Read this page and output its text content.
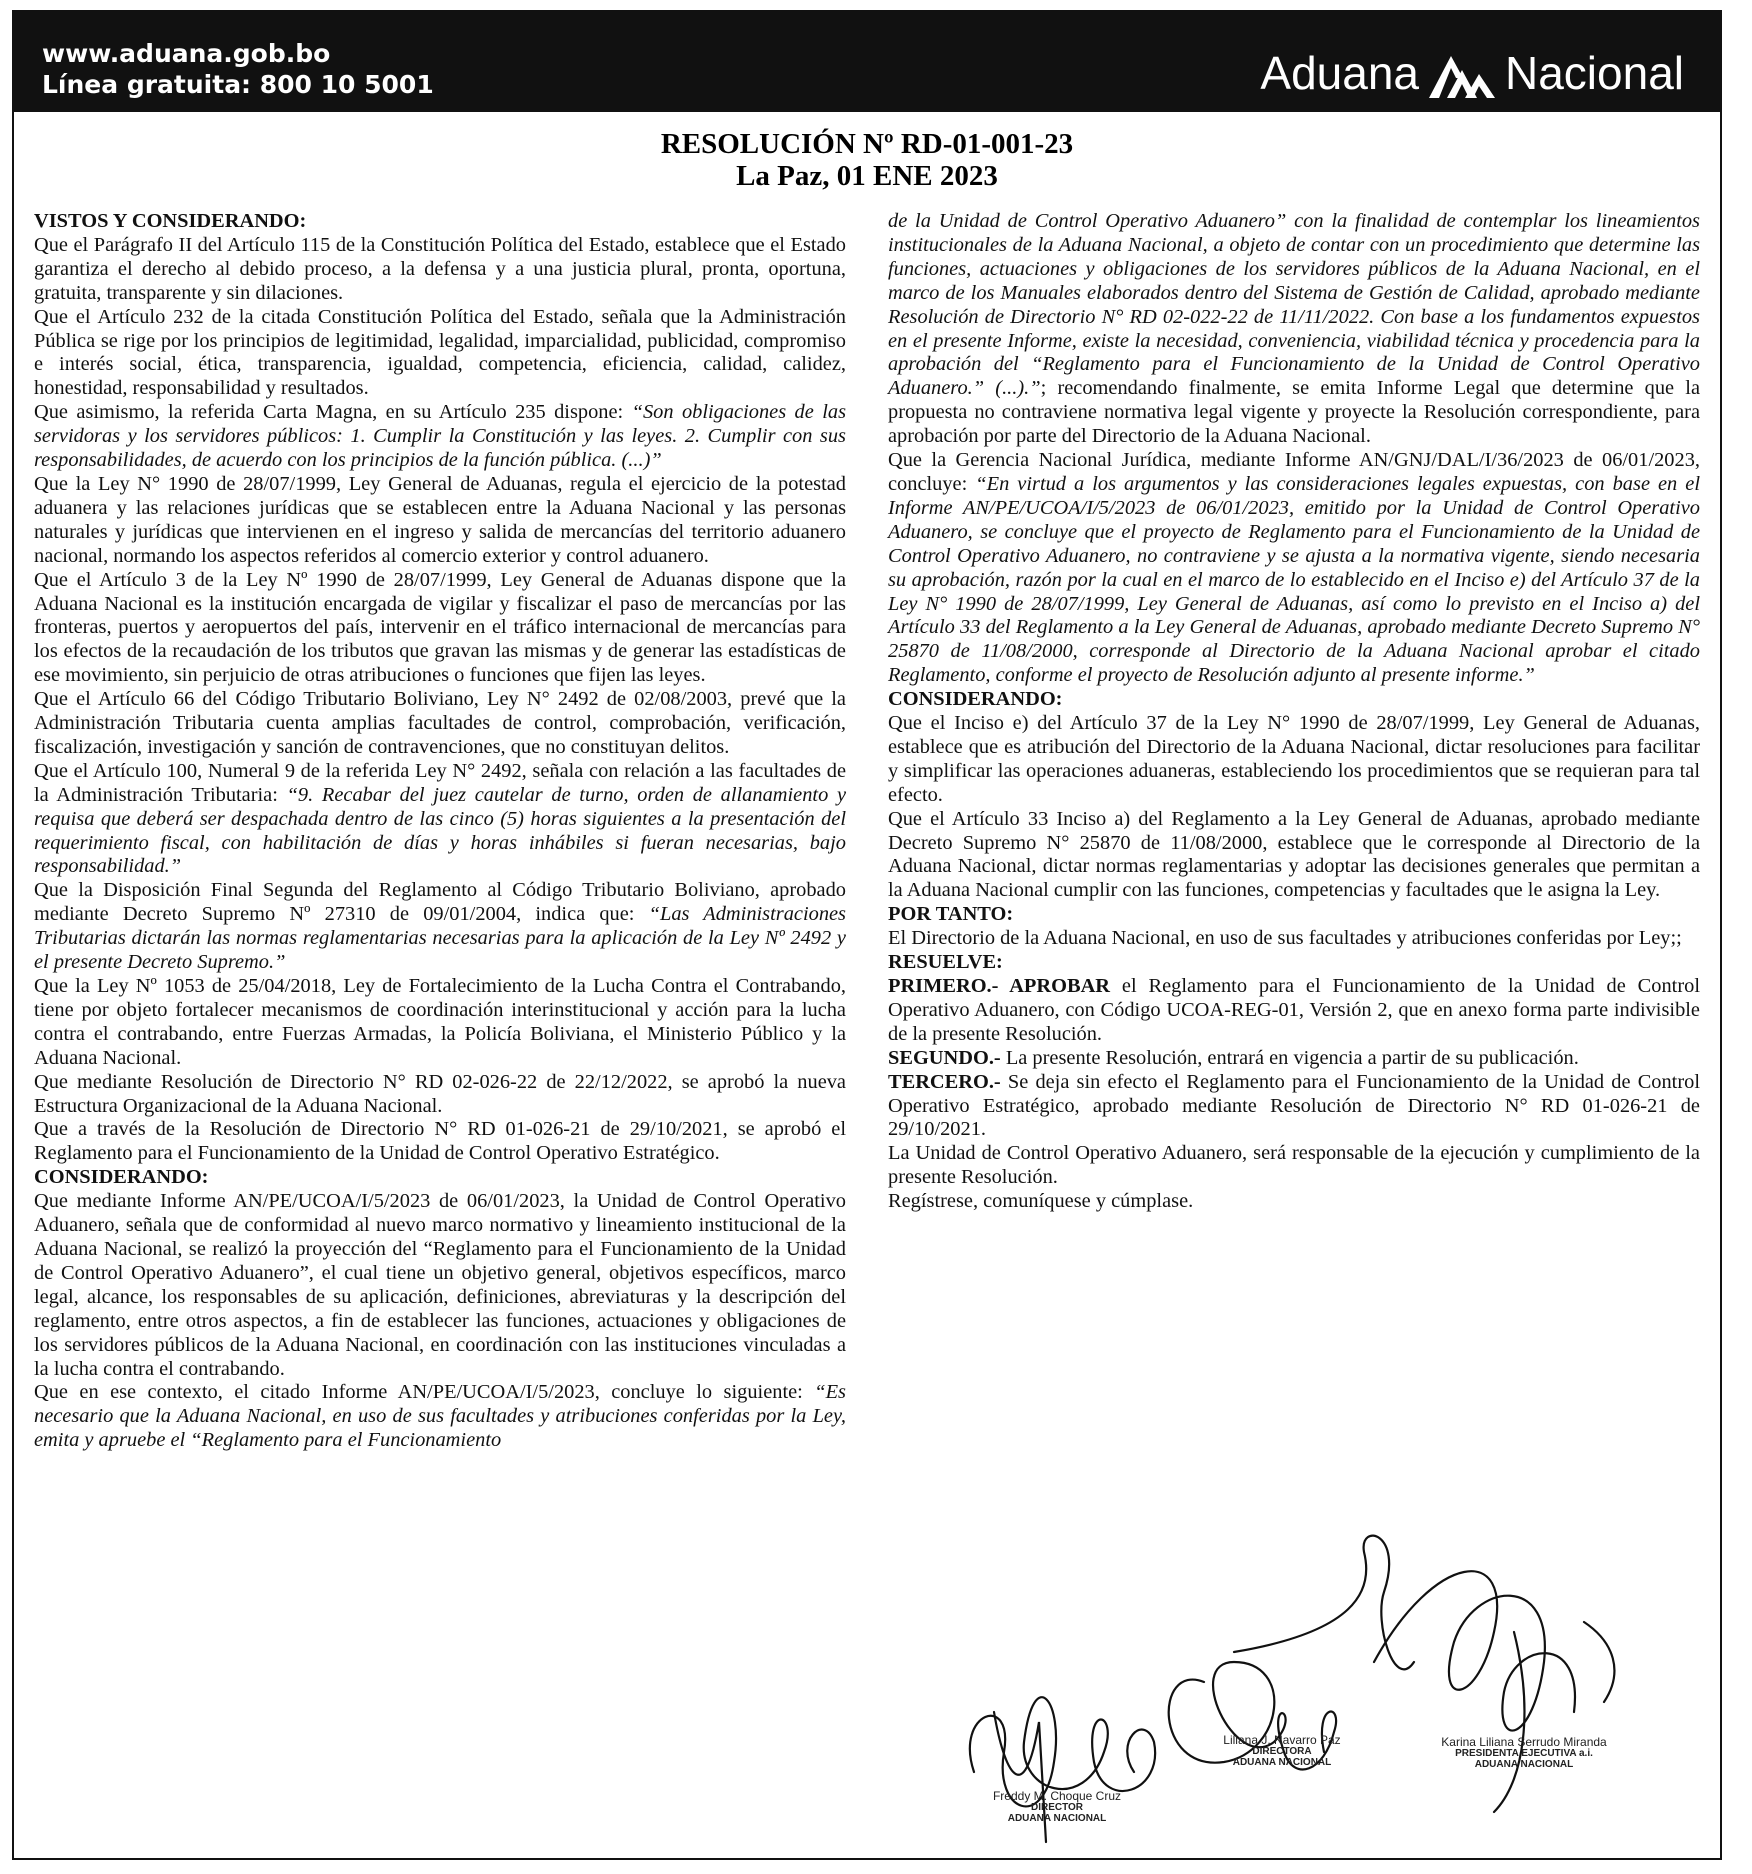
www.aduana.gob.bo
Línea gratuita: 800 10 5001	Aduana Nacional
RESOLUCIÓN Nº RD-01-001-23
La Paz, 01 ENE 2023

VISTOS Y CONSIDERANDO:

Que el Parágrafo II del Artículo 115 de la Constitución Política del Estado, establece que el Estado garantiza el derecho al debido proceso, a la defensa y a una justicia plural, pronta, oportuna, gratuita, transparente y sin dilaciones.

Que el Artículo 232 de la citada Constitución Política del Estado, señala que la Administración Pública se rige por los principios de legitimidad, legalidad, imparcialidad, publicidad, compromiso e interés social, ética, transparencia, igualdad, competencia, eficiencia, calidad, calidez, honestidad, responsabilidad y resultados.

Que asimismo, la referida Carta Magna, en su Artículo 235 dispone: “Son obligaciones de las servidoras y los servidores públicos: 1. Cumplir la Constitución y las leyes. 2. Cumplir con sus responsabilidades, de acuerdo con los principios de la función pública. (...)”

Que la Ley N° 1990 de 28/07/1999, Ley General de Aduanas, regula el ejercicio de la potestad aduanera y las relaciones jurídicas que se establecen entre la Aduana Nacional y las personas naturales y jurídicas que intervienen en el ingreso y salida de mercancías del territorio aduanero nacional, normando los aspectos referidos al comercio exterior y control aduanero.

Que el Artículo 3 de la Ley Nº 1990 de 28/07/1999, Ley General de Aduanas dispone que la Aduana Nacional es la institución encargada de vigilar y fiscalizar el paso de mercancías por las fronteras, puertos y aeropuertos del país, intervenir en el tráfico internacional de mercancías para los efectos de la recaudación de los tributos que gravan las mismas y de generar las estadísticas de ese movimiento, sin perjuicio de otras atribuciones o funciones que fijen las leyes.

Que el Artículo 66 del Código Tributario Boliviano, Ley N° 2492 de 02/08/2003, prevé que la Administración Tributaria cuenta amplias facultades de control, comprobación, verificación, fiscalización, investigación y sanción de contravenciones, que no constituyan delitos.

Que el Artículo 100, Numeral 9 de la referida Ley N° 2492, señala con relación a las facultades de la Administración Tributaria: “9. Recabar del juez cautelar de turno, orden de allanamiento y requisa que deberá ser despachada dentro de las cinco (5) horas siguientes a la presentación del requerimiento fiscal, con habilitación de días y horas inhábiles si fueran necesarias, bajo responsabilidad.”

Que la Disposición Final Segunda del Reglamento al Código Tributario Boliviano, aprobado mediante Decreto Supremo Nº 27310 de 09/01/2004, indica que: “Las Administraciones Tributarias dictarán las normas reglamentarias necesarias para la aplicación de la Ley Nº 2492 y el presente Decreto Supremo.”

Que la Ley Nº 1053 de 25/04/2018, Ley de Fortalecimiento de la Lucha Contra el Contrabando, tiene por objeto fortalecer mecanismos de coordinación interinstitucional y acción para la lucha contra el contrabando, entre Fuerzas Armadas, la Policía Boliviana, el Ministerio Público y la Aduana Nacional.

Que mediante Resolución de Directorio N° RD 02-026-22 de 22/12/2022, se aprobó la nueva Estructura Organizacional de la Aduana Nacional.

Que a través de la Resolución de Directorio N° RD 01-026-21 de 29/10/2021, se aprobó el Reglamento para el Funcionamiento de la Unidad de Control Operativo Estratégico.

CONSIDERANDO:

Que mediante Informe AN/PE/UCOA/I/5/2023 de 06/01/2023, la Unidad de Control Operativo Aduanero, señala que de conformidad al nuevo marco normativo y lineamiento institucional de la Aduana Nacional, se realizó la proyección del “Reglamento para el Funcionamiento de la Unidad de Control Operativo Aduanero”, el cual tiene un objetivo general, objetivos específicos, marco legal, alcance, los responsables de su aplicación, definiciones, abreviaturas y la descripción del reglamento, entre otros aspectos, a fin de establecer las funciones, actuaciones y obligaciones de los servidores públicos de la Aduana Nacional, en coordinación con las instituciones vinculadas a la lucha contra el contrabando.

Que en ese contexto, el citado Informe AN/PE/UCOA/I/5/2023, concluye lo siguiente: “Es necesario que la Aduana Nacional, en uso de sus facultades y atribuciones conferidas por la Ley, emita y apruebe el “Reglamento para el Funcionamiento

de la Unidad de Control Operativo Aduanero” con la finalidad de contemplar los lineamientos institucionales de la Aduana Nacional, a objeto de contar con un procedimiento que determine las funciones, actuaciones y obligaciones de los servidores públicos de la Aduana Nacional, en el marco de los Manuales elaborados dentro del Sistema de Gestión de Calidad, aprobado mediante Resolución de Directorio N° RD 02-022-22 de 11/11/2022. Con base a los fundamentos expuestos en el presente Informe, existe la necesidad, conveniencia, viabilidad técnica y procedencia para la aprobación del “Reglamento para el Funcionamiento de la Unidad de Control Operativo Aduanero.” (...).”; recomendando finalmente, se emita Informe Legal que determine que la propuesta no contraviene normativa legal vigente y proyecte la Resolución correspondiente, para aprobación por parte del Directorio de la Aduana Nacional.

Que la Gerencia Nacional Jurídica, mediante Informe AN/GNJ/DAL/I/36/2023 de 06/01/2023, concluye: “En virtud a los argumentos y las consideraciones legales expuestas, con base en el Informe AN/PE/UCOA/I/5/2023 de 06/01/2023, emitido por la Unidad de Control Operativo Aduanero, se concluye que el proyecto de Reglamento para el Funcionamiento de la Unidad de Control Operativo Aduanero, no contraviene y se ajusta a la normativa vigente, siendo necesaria su aprobación, razón por la cual en el marco de lo establecido en el Inciso e) del Artículo 37 de la Ley N° 1990 de 28/07/1999, Ley General de Aduanas, así como lo previsto en el Inciso a) del Artículo 33 del Reglamento a la Ley General de Aduanas, aprobado mediante Decreto Supremo N° 25870 de 11/08/2000, corresponde al Directorio de la Aduana Nacional aprobar el citado Reglamento, conforme el proyecto de Resolución adjunto al presente informe.”

CONSIDERANDO:

Que el Inciso e) del Artículo 37 de la Ley N° 1990 de 28/07/1999, Ley General de Aduanas, establece que es atribución del Directorio de la Aduana Nacional, dictar resoluciones para facilitar y simplificar las operaciones aduaneras, estableciendo los procedimientos que se requieran para tal efecto.

Que el Artículo 33 Inciso a) del Reglamento a la Ley General de Aduanas, aprobado mediante Decreto Supremo N° 25870 de 11/08/2000, establece que le corresponde al Directorio de la Aduana Nacional, dictar normas reglamentarias y adoptar las decisiones generales que permitan a la Aduana Nacional cumplir con las funciones, competencias y facultades que le asigna la Ley.

POR TANTO:

El Directorio de la Aduana Nacional, en uso de sus facultades y atribuciones conferidas por Ley;;

RESUELVE:

PRIMERO.- APROBAR el Reglamento para el Funcionamiento de la Unidad de Control Operativo Aduanero, con Código UCOA-REG-01, Versión 2, que en anexo forma parte indivisible de la presente Resolución.

SEGUNDO.- La presente Resolución, entrará en vigencia a partir de su publicación.

TERCERO.- Se deja sin efecto el Reglamento para el Funcionamiento de la Unidad de Control Operativo Estratégico, aprobado mediante Resolución de Directorio N° RD 01-026-21 de 29/10/2021.

La Unidad de Control Operativo Aduanero, será responsable de la ejecución y cumplimiento de la presente Resolución.

Regístrese, comuníquese y cúmplase.

Freddy M. Choque Cruz
DIRECTOR
ADUANA NACIONAL
Liliana J. Navarro Paz
DIRECTORA
ADUANA NACIONAL
Karina Liliana Serrudo Miranda
PRESIDENTA EJECUTIVA a.i.
ADUANA NACIONAL
